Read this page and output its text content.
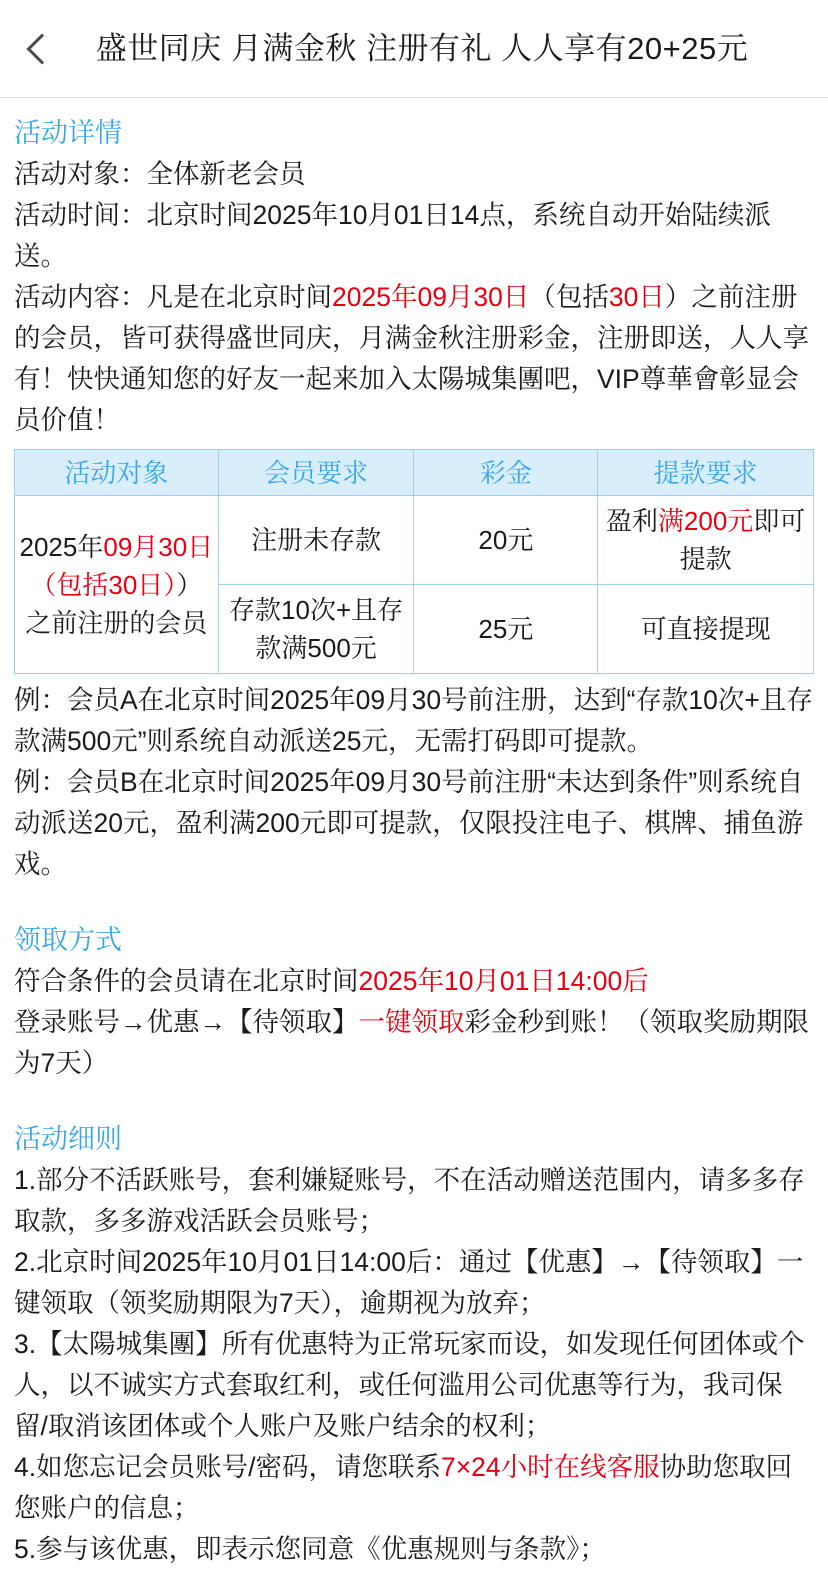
盛世同庆 月满金秋 注册有礼 人人享有20+25元
活动详情
活动对象：全体新老会员
活动时间：北京时间2025年10月01日14点，系统自动开始陆续派送。
活动内容：凡是在北京时间2025年09月30日（包括30日）之前注册的会员，皆可获得盛世同庆，月满金秋注册彩金，注册即送，人人享有！快快通知您的好友一起来加入太陽城集團吧，VIP尊華會彰显会员价值！
活动对象	会员要求	彩金	提款要求
2025年09月30日（包括30日））之前注册的会员	注册未存款	20元	盈利满200元即可提款
	存款10次+且存款满500元	25元	可直接提现
例：会员A在北京时间2025年09月30号前注册，达到“存款10次+且存款满500元”则系统自动派送25元，无需打码即可提款。
例：会员B在北京时间2025年09月30号前注册“未达到条件”则系统自动派送20元，盈利满200元即可提款，仅限投注电子、棋牌、捕鱼游戏。
领取方式
符合条件的会员请在北京时间2025年10月01日14:00后
登录账号→优惠→【待领取】一键领取彩金秒到账！（领取奖励期限为7天）
活动细则
1.部分不活跃账号，套利嫌疑账号，不在活动赠送范围内，请多多存取款，多多游戏活跃会员账号；
2.北京时间2025年10月01日14:00后：通过【优惠】→【待领取】一键领取（领奖励期限为7天），逾期视为放弃；
3.【太陽城集團】所有优惠特为正常玩家而设，如发现任何团体或个人，以不诚实方式套取红利，或任何滥用公司优惠等行为，我司保留/取消该团体或个人账户及账户结余的权利；
4.如您忘记会员账号/密码，请您联系7×24小时在线客服协助您取回您账户的信息；
5.参与该优惠，即表示您同意《优惠规则与条款》；
